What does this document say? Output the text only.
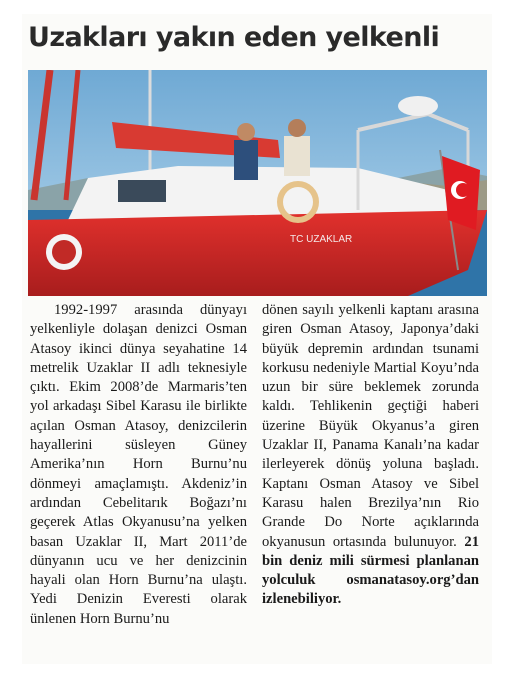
Uzakları yakın eden yelkenli
TC UZAKLAR

1992-1997 arasında dünyayı yelkenliyle dolaşan denizci Osman Atasoy ikinci dünya seyahatine 14 metrelik Uzaklar II adlı teknesiyle çıktı. Ekim 2008’de Marmaris’ten yol arkadaşı Sibel Karasu ile birlikte açılan Osman Atasoy, denizcilerin hayallerini süsleyen Güney Amerika’nın Horn Burnu’nu dönmeyi amaçlamıştı. Akdeniz’in ardından Cebelitarık Boğazı’nı geçerek Atlas Okyanusu’na yelken basan Uzaklar II, Mart 2011’de dünyanın ucu ve her denizcinin hayali olan Horn Burnu’na ulaştı. Yedi Denizin Everesti olarak ünlenen Horn Burnu’nu

dönen sayılı yelkenli kaptanı arasına giren Osman Atasoy, Japonya’daki büyük depremin ardından tsunami korkusu nedeniyle Martial Koyu’nda uzun bir süre beklemek zorunda kaldı. Tehlikenin geçtiği haberi üzerine Büyük Okyanus’a giren Uzaklar II, Panama Kanalı’na kadar ilerleyerek dönüş yoluna başladı. Kaptanı Osman Atasoy ve Sibel Karasu halen Brezilya’nın Rio Grande Do Norte açıklarında okyanusun ortasında bulunuyor. 21 bin deniz mili sürmesi planlanan yolculuk osmanatasoy.org’dan izlenebiliyor.
